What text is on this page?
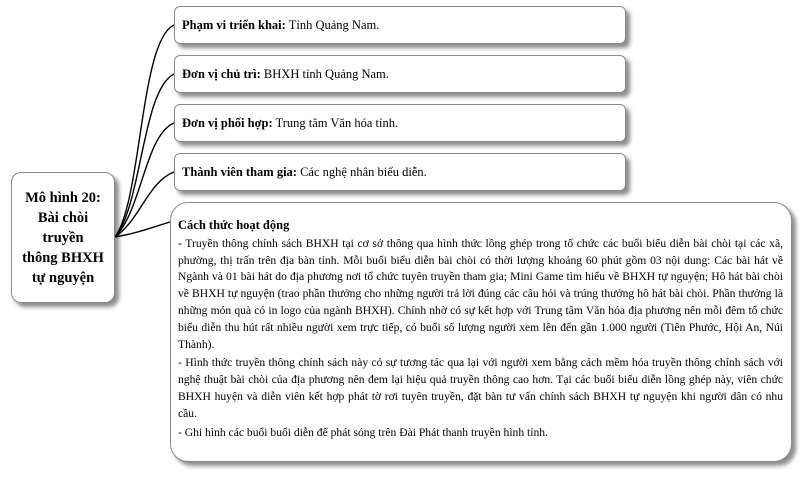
Mô hình 20:
Bài chòi truyền
thông BHXH
tự nguyện
Phạm vi triển khai: Tỉnh Quảng Nam.
Đơn vị chủ trì: BHXH tỉnh Quảng Nam.
Đơn vị phối hợp: Trung tâm Văn hóa tỉnh.
Thành viên tham gia: Các nghệ nhân biểu diễn.
Cách thức hoạt động

- Truyền thông chính sách BHXH tại cơ sở thông qua hình thức lồng ghép trong tổ chức các buổi biểu diễn bài chòi tại các xã, phường, thị trấn trên địa bàn tỉnh. Mỗi buổi biểu diễn bài chòi có thời lượng khoảng 60 phút gồm 03 nội dung: Các bài hát về Ngành và 01 bài hát do địa phương nơi tổ chức tuyên truyền tham gia; Mini Game tìm hiểu về BHXH tự nguyện; Hô hát bài chòi về BHXH tự nguyện (trao phần thưởng cho những người trả lời đúng các câu hỏi và trúng thưởng hô hát bài chòi. Phần thưởng là những món quà có in logo của ngành BHXH). Chính nhờ có sự kết hợp với Trung tâm Văn hóa địa phương nên mỗi đêm tổ chức biểu diễn thu hút rất nhiều người xem trực tiếp, có buổi số lượng người xem lên đến gần 1.000 người (Tiên Phước, Hội An, Núi Thành).

- Hình thức truyền thông chính sách này có sự tương tác qua lại với người xem bằng cách mềm hóa truyền thông chính sách với nghệ thuật bài chòi của địa phương nên đem lại hiệu quả truyền thông cao hơn. Tại các buổi biểu diễn lồng ghép này, viên chức BHXH huyện và diễn viên kết hợp phát tờ rơi tuyên truyền, đặt bàn tư vấn chính sách BHXH tự nguyện khi người dân có nhu cầu.

- Ghi hình các buổi buổi diễn để phát sóng trên Đài Phát thanh truyền hình tỉnh.
